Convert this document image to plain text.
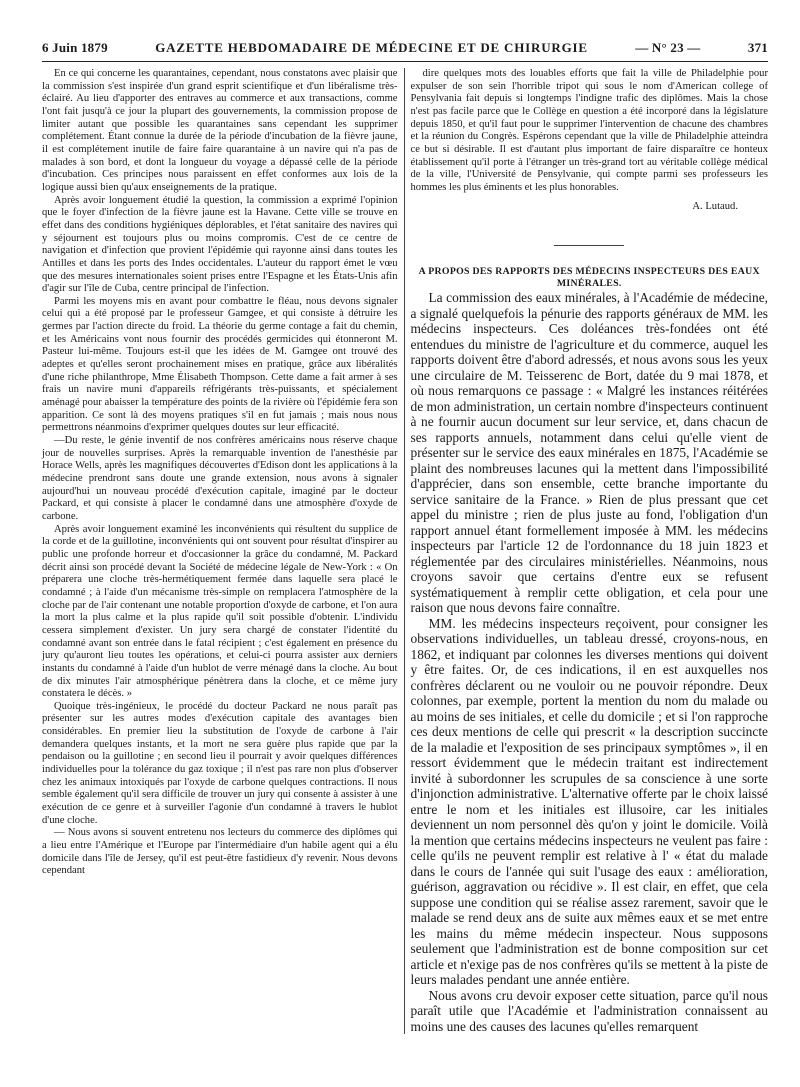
6 Juin 1879	GAZETTE HEBDOMADAIRE DE MÉDECINE ET DE CHIRURGIE	— N° 23 —	371

En ce qui concerne les quarantaines, cependant, nous constatons avec plaisir que la commission s'est inspirée d'un grand esprit scientifique et d'un libéralisme très-éclairé. Au lieu d'apporter des entraves au commerce et aux transactions, comme l'ont fait jusqu'à ce jour la plupart des gouvernements, la commission propose de limiter autant que possible les quarantaines sans cependant les supprimer complétement. Étant connue la durée de la période d'incubation de la fièvre jaune, il est complétement inutile de faire faire quarantaine à un navire qui n'a pas de malades à son bord, et dont la longueur du voyage a dépassé celle de la période d'incubation. Ces principes nous paraissent en effet conformes aux lois de la logique aussi bien qu'aux enseignements de la pratique.

Après avoir longuement étudié la question, la commission a exprimé l'opinion que le foyer d'infection de la fièvre jaune est la Havane. Cette ville se trouve en effet dans des conditions hygiéniques déplorables, et l'état sanitaire des navires qui y séjournent est toujours plus ou moins compromis. C'est de ce centre de navigation et d'infection que provient l'épidémie qui rayonne ainsi dans toutes les Antilles et dans les ports des Indes occidentales. L'auteur du rapport émet le vœu que des mesures internationales soient prises entre l'Espagne et les États-Unis afin d'agir sur l'île de Cuba, centre principal de l'infection.

Parmi les moyens mis en avant pour combattre le fléau, nous devons signaler celui qui a été proposé par le professeur Gamgee, et qui consiste à détruire les germes par l'action directe du froid. La théorie du germe contage a fait du chemin, et les Américains vont nous fournir des procédés germicides qui étonneront M. Pasteur lui-même. Toujours est-il que les idées de M. Gamgee ont trouvé des adeptes et qu'elles seront prochainement mises en pratique, grâce aux libéralités d'une riche philanthrope, Mme Élisabeth Thompson. Cette dame a fait armer à ses frais un navire muni d'appareils réfrigérants très-puissants, et spécialement aménagé pour abaisser la température des points de la rivière où l'épidémie fera son apparition. Ce sont là des moyens pratiques s'il en fut jamais ; mais nous nous permettrons néanmoins d'exprimer quelques doutes sur leur efficacité.

—Du reste, le génie inventif de nos confrères américains nous réserve chaque jour de nouvelles surprises. Après la remarquable invention de l'anesthésie par Horace Wells, après les magnifiques découvertes d'Edison dont les applications à la médecine prendront sans doute une grande extension, nous avons à signaler aujourd'hui un nouveau procédé d'exécution capitale, imaginé par le docteur Packard, et qui consiste à placer le condamné dans une atmosphère d'oxyde de carbone.

Après avoir longuement examiné les inconvénients qui résultent du supplice de la corde et de la guillotine, inconvénients qui ont souvent pour résultat d'inspirer au public une profonde horreur et d'occasionner la grâce du condamné, M. Packard décrit ainsi son procédé devant la Société de médecine légale de New-York : « On préparera une cloche très-hermétiquement fermée dans laquelle sera placé le condamné ; à l'aide d'un mécanisme très-simple on remplacera l'atmosphère de la cloche par de l'air contenant une notable proportion d'oxyde de carbone, et l'on aura la mort la plus calme et la plus rapide qu'il soit possible d'obtenir. L'individu cessera simplement d'exister. Un jury sera chargé de constater l'identité du condamné avant son entrée dans le fatal récipient ; c'est également en présence du jury qu'auront lieu toutes les opérations, et celui-ci pourra assister aux derniers instants du condamné à l'aide d'un hublot de verre ménagé dans la cloche. Au bout de dix minutes l'air atmosphérique pénètrera dans la cloche, et ce même jury constatera le décès. »

Quoique très-ingénieux, le procédé du docteur Packard ne nous paraît pas présenter sur les autres modes d'exécution capitale des avantages bien considérables. En premier lieu la substitution de l'oxyde de carbone à l'air demandera quelques instants, et la mort ne sera guère plus rapide que par la pendaison ou la guillotine ; en second lieu il pourrait y avoir quelques différences individuelles pour la tolérance du gaz toxique ; il n'est pas rare non plus d'observer chez les animaux intoxiqués par l'oxyde de carbone quelques contractions. Il nous semble également qu'il sera difficile de trouver un jury qui consente à assister à une exécution de ce genre et à surveiller l'agonie d'un condamné à travers le hublot d'une cloche.

— Nous avons si souvent entretenu nos lecteurs du commerce des diplômes qui a lieu entre l'Amérique et l'Europe par l'intermédiaire d'un habile agent qui a élu domicile dans l'île de Jersey, qu'il est peut-être fastidieux d'y revenir. Nous devons cependant

dire quelques mots des louables efforts que fait la ville de Philadelphie pour expulser de son sein l'horrible tripot qui sous le nom d'American college of Pensylvania fait depuis si longtemps l'indigne trafic des diplômes. Mais la chose n'est pas facile parce que le Collège en question a été incorporé dans la législature depuis 1850, et qu'il faut pour le supprimer l'intervention de chacune des chambres et la réunion du Congrès. Espérons cependant que la ville de Philadelphie atteindra ce but si désirable. Il est d'autant plus important de faire disparaître ce honteux établissement qu'il porte à l'étranger un très-grand tort au véritable collège médical de la ville, l'Université de Pensylvanie, qui compte parmi ses professeurs les hommes les plus éminents et les plus honorables.

A. Lutaud.

A PROPOS DES RAPPORTS DES MÉDECINS INSPECTEURS DES EAUX MINÉRALES.

La commission des eaux minérales, à l'Académie de médecine, a signalé quelquefois la pénurie des rapports généraux de MM. les médecins inspecteurs. Ces doléances très-fondées ont été entendues du ministre de l'agriculture et du commerce, auquel les rapports doivent être d'abord adressés, et nous avons sous les yeux une circulaire de M. Teisserenc de Bort, datée du 9 mai 1878, et où nous remarquons ce passage : « Malgré les instances réitérées de mon administration, un certain nombre d'inspecteurs continuent à ne fournir aucun document sur leur service, et, dans chacun de ses rapports annuels, notamment dans celui qu'elle vient de présenter sur le service des eaux minérales en 1875, l'Académie se plaint des nombreuses lacunes qui la mettent dans l'impossibilité d'apprécier, dans son ensemble, cette branche importante du service sanitaire de la France. » Rien de plus pressant que cet appel du ministre ; rien de plus juste au fond, l'obligation d'un rapport annuel étant formellement imposée à MM. les médecins inspecteurs par l'article 12 de l'ordonnance du 18 juin 1823 et réglementée par des circulaires ministérielles. Néanmoins, nous croyons savoir que certains d'entre eux se refusent systématiquement à remplir cette obligation, et cela pour une raison que nous devons faire connaître.

MM. les médecins inspecteurs reçoivent, pour consigner les observations individuelles, un tableau dressé, croyons-nous, en 1862, et indiquant par colonnes les diverses mentions qui doivent y être faites. Or, de ces indications, il en est auxquelles nos confrères déclarent ou ne vouloir ou ne pouvoir répondre. Deux colonnes, par exemple, portent la mention du nom du malade ou au moins de ses initiales, et celle du domicile ; et si l'on rapproche ces deux mentions de celle qui prescrit « la description succincte de la maladie et l'exposition de ses principaux symptômes », il en ressort évidemment que le médecin traitant est indirectement invité à subordonner les scrupules de sa conscience à une sorte d'injonction administrative. L'alternative offerte par le choix laissé entre le nom et les initiales est illusoire, car les initiales deviennent un nom personnel dès qu'on y joint le domicile. Voilà la mention que certains médecins inspecteurs ne veulent pas faire : celle qu'ils ne peuvent remplir est relative à l' « état du malade dans le cours de l'année qui suit l'usage des eaux : amélioration, guérison, aggravation ou récidive ». Il est clair, en effet, que cela suppose une condition qui se réalise assez rarement, savoir que le malade se rend deux ans de suite aux mêmes eaux et se met entre les mains du même médecin inspecteur. Nous supposons seulement que l'administration est de bonne composition sur cet article et n'exige pas de nos confrères qu'ils se mettent à la piste de leurs malades pendant une année entière.

Nous avons cru devoir exposer cette situation, parce qu'il nous paraît utile que l'Académie et l'administration connaissent au moins une des causes des lacunes qu'elles remarquent
